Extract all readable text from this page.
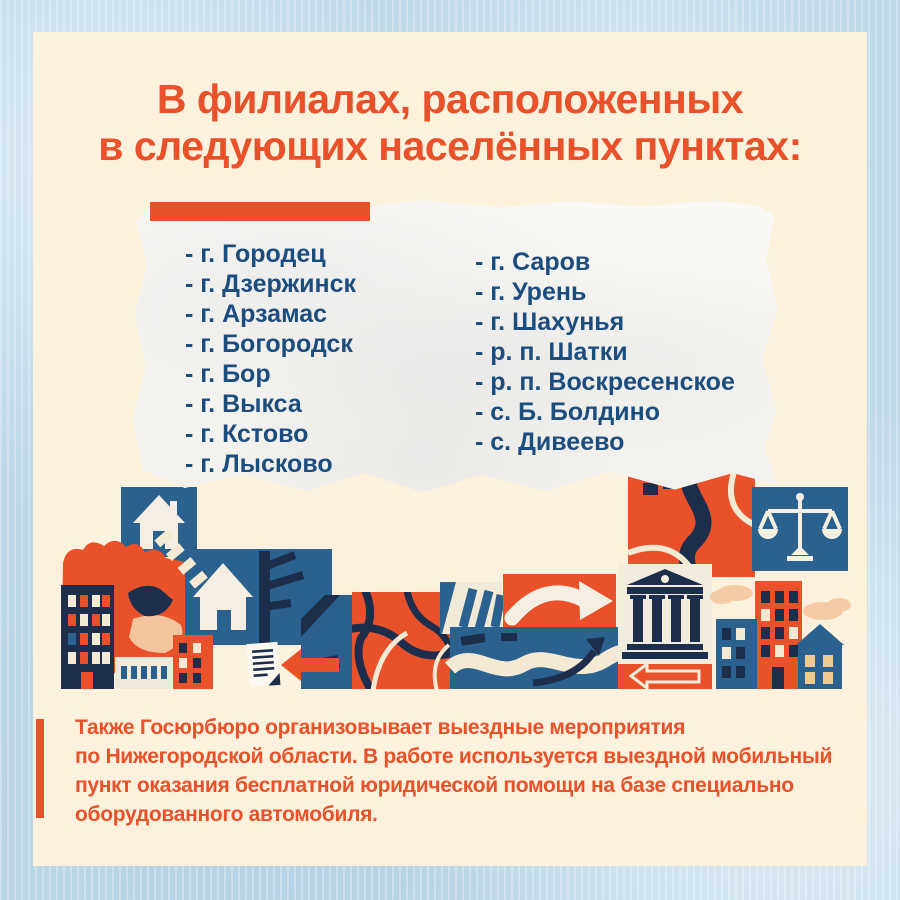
В филиалах, расположенных
в следующих населённых пунктах:
- г. Городец
- г. Дзержинск
- г. Арзамас
- г. Богородск
- г. Бор
- г. Выкса
- г. Кстово
- г. Лысково
- г. Саров
- г. Урень
- г. Шахунья
- р. п. Шатки
- р. п. Воскресенское
- с. Б. Болдино
- с. Дивеево
Также Госюрбюро организовывает выездные мероприятия
по Нижегородской области. В работе используется выездной мобильный
пункт оказания бесплатной юридической помощи на базе специально
оборудованного автомобиля.
